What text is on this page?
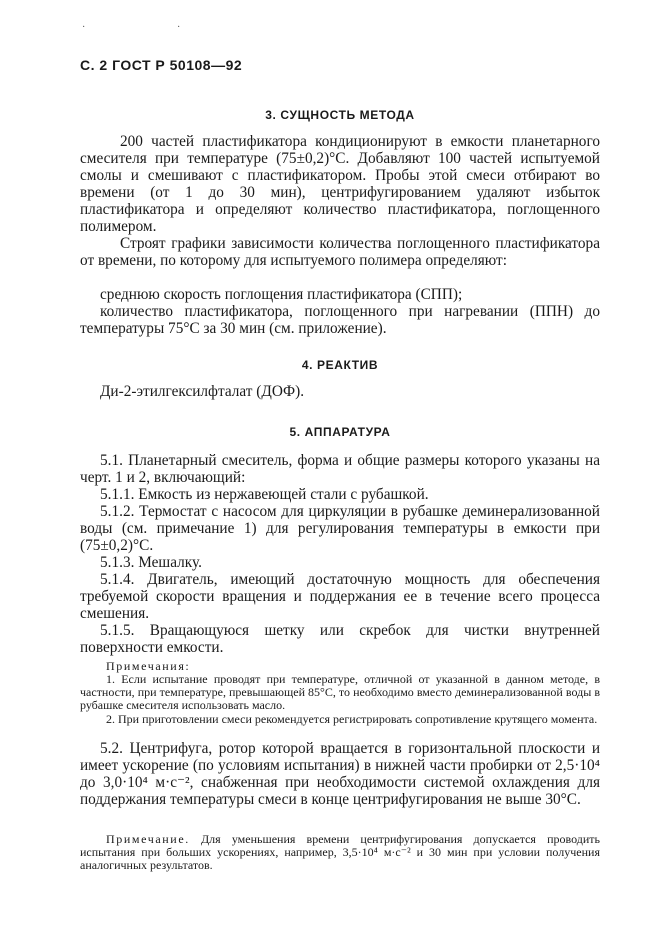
·	·
С. 2 ГОСТ Р 50108—92
3. СУЩНОСТЬ МЕТОДА
200 частей пластификатора кондиционируют в емкости планетарного смесителя при температуре (75±0,2)°С. Добавляют 100 частей испытуемой смолы и смешивают с пластификатором. Пробы этой смеси отбирают во времени (от 1 до 30 мин), центрифугированием удаляют избыток пластификатора и определяют количество пластификатора, поглощенного полимером.
Строят графики зависимости количества поглощенного пластификатора от времени, по которому для испытуемого полимера определяют:
среднюю скорость поглощения пластификатора (СПП);
количество пластификатора, поглощенного при нагревании (ППН) до температуры 75°С за 30 мин (см. приложение).
4. РЕАКТИВ
Ди-2-этилгексилфталат (ДОФ).
5. АППАРАТУРА
5.1. Планетарный смеситель, форма и общие размеры которого указаны на черт. 1 и 2, включающий:
5.1.1. Емкость из нержавеющей стали с рубашкой.
5.1.2. Термостат с насосом для циркуляции в рубашке деминерализованной воды (см. примечание 1) для регулирования температуры в емкости при (75±0,2)°С.
5.1.3. Мешалку.
5.1.4. Двигатель, имеющий достаточную мощность для обеспечения требуемой скорости вращения и поддержания ее в течение всего процесса смешения.
5.1.5. Вращающуюся шетку или скребок для чистки внутренней поверхности емкости.
Примечания:
1. Если испытание проводят при температуре, отличной от указанной в данном методе, в частности, при температуре, превышающей 85°С, то необходимо вместо деминерализованной воды в рубашке смесителя использовать масло.
2. При приготовлении смеси рекомендуется регистрировать сопротивление крутящего момента.
5.2. Центрифуга, ротор которой вращается в горизонтальной плоскости и имеет ускорение (по условиям испытания) в нижней части пробирки от 2,5·10⁴ до 3,0·10⁴ м·с⁻², снабженная при необходимости системой охлаждения для поддержания температуры смеси в конце центрифугирования не выше 30°С.
Примечание. Для уменьшения времени центрифугирования допускается проводить испытания при больших ускорениях, например, 3,5·10⁴ м·с⁻² и 30 мин при условии получения аналогичных результатов.
